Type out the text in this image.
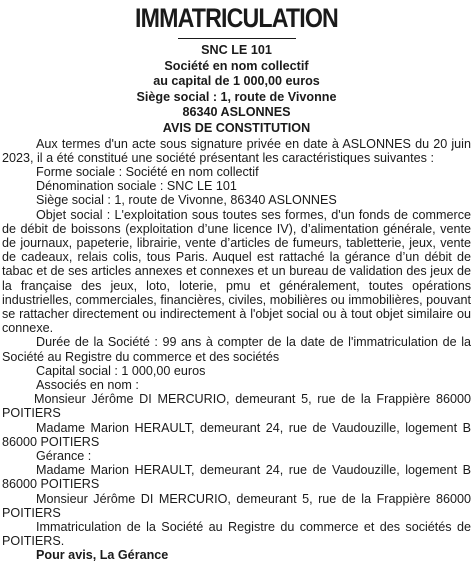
IMMATRICULATION
SNC LE 101
Société en nom collectif
au capital de 1 000,00 euros
Siège social : 1, route de Vivonne
86340 ASLONNES
AVIS DE CONSTITUTION

Aux termes d'un acte sous signature privée en date à ASLONNES du 20 juin 2023, il a été constitué une société présentant les caractéristiques suivantes :

Forme sociale : Société en nom collectif

Dénomination sociale : SNC LE 101

Siège social : 1, route de Vivonne, 86340 ASLONNES

Objet social : L'exploitation sous toutes ses formes, d'un fonds de commerce de débit de boissons (exploitation d’une licence IV), d’alimentation générale, vente de journaux, papeterie, librairie, vente d’articles de fumeurs, tabletterie, jeux, vente de cadeaux, relais colis, tous Paris. Auquel est rattaché la gérance d’un débit de tabac et de ses articles annexes et connexes et un bureau de validation des jeux de la française des jeux, loto, loterie, pmu et généralement, toutes opérations industrielles, commerciales, financières, civiles, mobilières ou immobilières, pouvant se rattacher directement ou indirectement à l'objet social ou à tout objet similaire ou connexe.

Durée de la Société : 99 ans à compter de la date de l'immatriculation de la Société au Registre du commerce et des sociétés

Capital social : 1 000,00 euros

Associés en nom :

Monsieur Jérôme DI MERCURIO, demeurant 5, rue de la Frappière 86000 POITIERS

Madame Marion HERAULT, demeurant 24, rue de Vaudouzille, logement B 86000 POITIERS

Gérance :

Madame Marion HERAULT, demeurant 24, rue de Vaudouzille, logement B 86000 POITIERS

Monsieur Jérôme DI MERCURIO, demeurant 5, rue de la Frappière 86000 POITIERS

Immatriculation de la Société au Registre du commerce et des sociétés de POITIERS.

Pour avis, La Gérance
